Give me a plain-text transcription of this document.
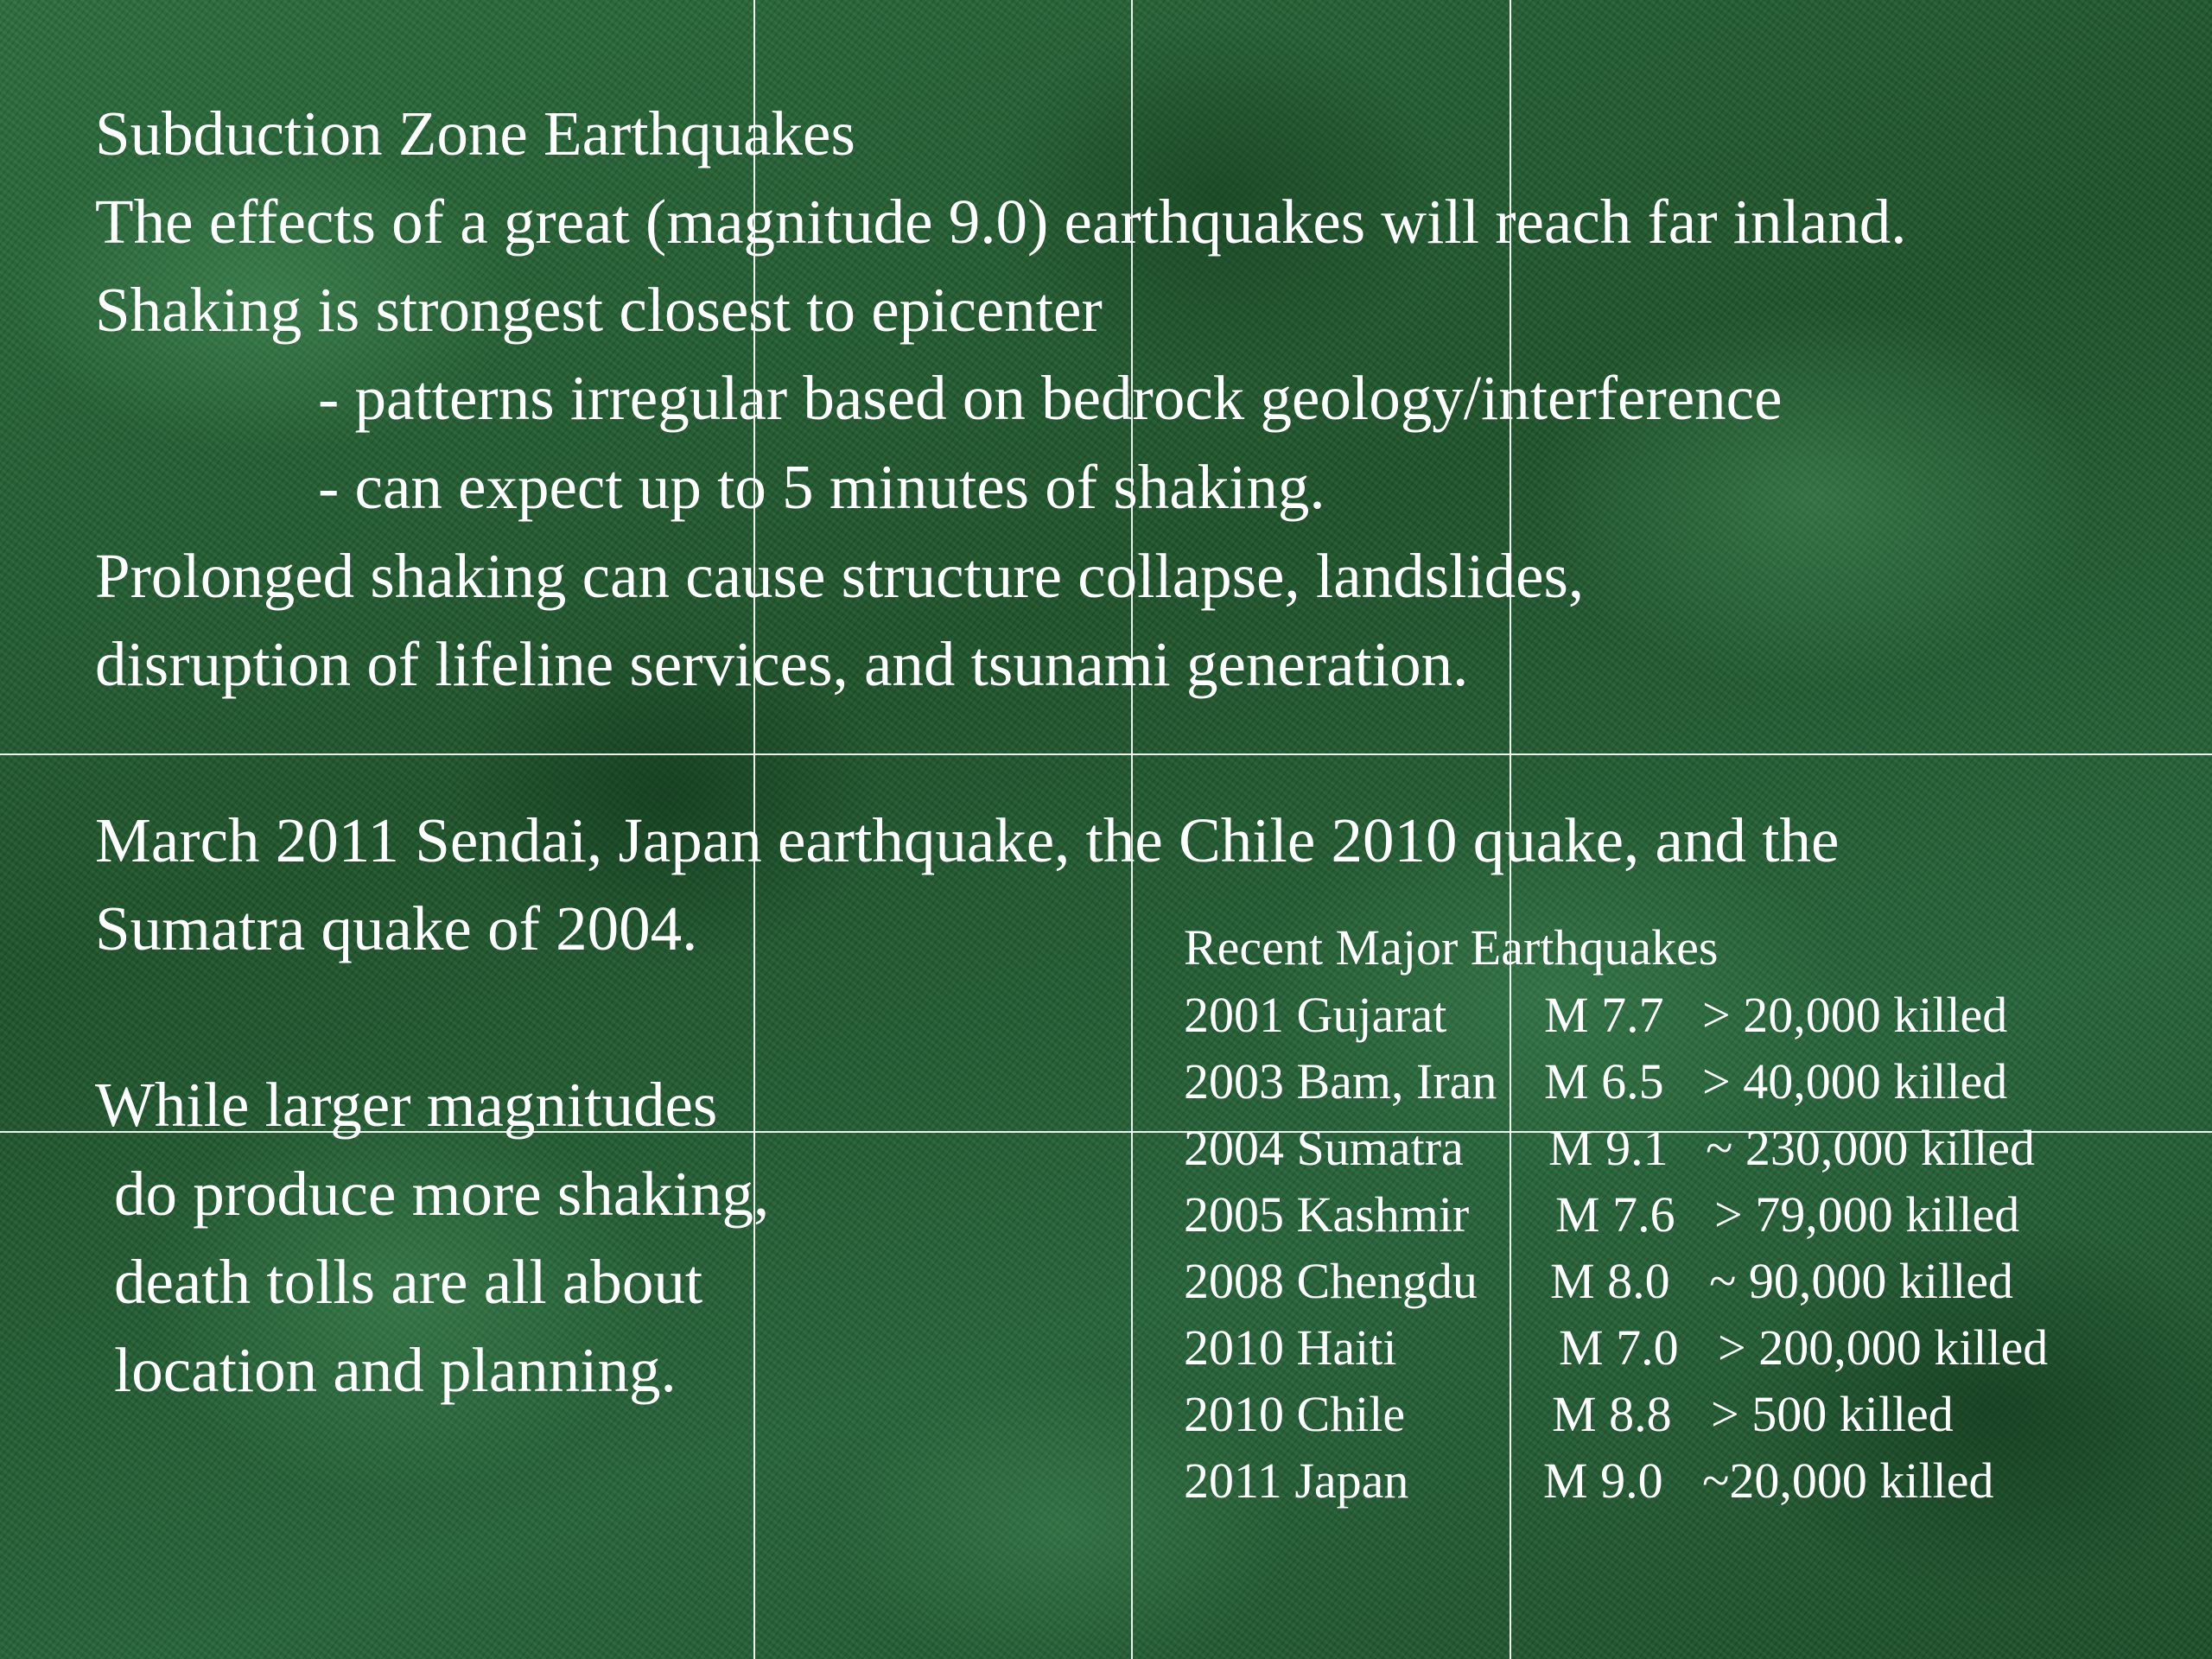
Subduction Zone Earthquakes
The effects of a great (magnitude 9.0) earthquakes will reach far inland.
Shaking is strongest closest to epicenter
- patterns irregular based on bedrock geology/interference
- can expect up to 5 minutes of shaking.
Prolonged shaking can cause structure collapse, landslides,
disruption of lifeline services, and tsunami generation.
March 2011 Sendai, Japan earthquake, the Chile 2010 quake, and the
Sumatra quake of 2004.
While larger magnitudes
do produce more shaking,
death tolls are all about
location and planning.
Recent Major Earthquakes
2001 Gujarat M 7.7 > 20,000 killed
2003 Bam, Iran M 6.5 > 40,000 killed
2004 Sumatra M 9.1 ~ 230,000 killed
2005 Kashmir M 7.6 > 79,000 killed
2008 Chengdu M 8.0 ~ 90,000 killed
2010 Haiti	M 7.0 > 200,000 killed
2010 Chile	M 8.8 > 500 killed
2011 Japan	M 9.0 ~20,000 killed
